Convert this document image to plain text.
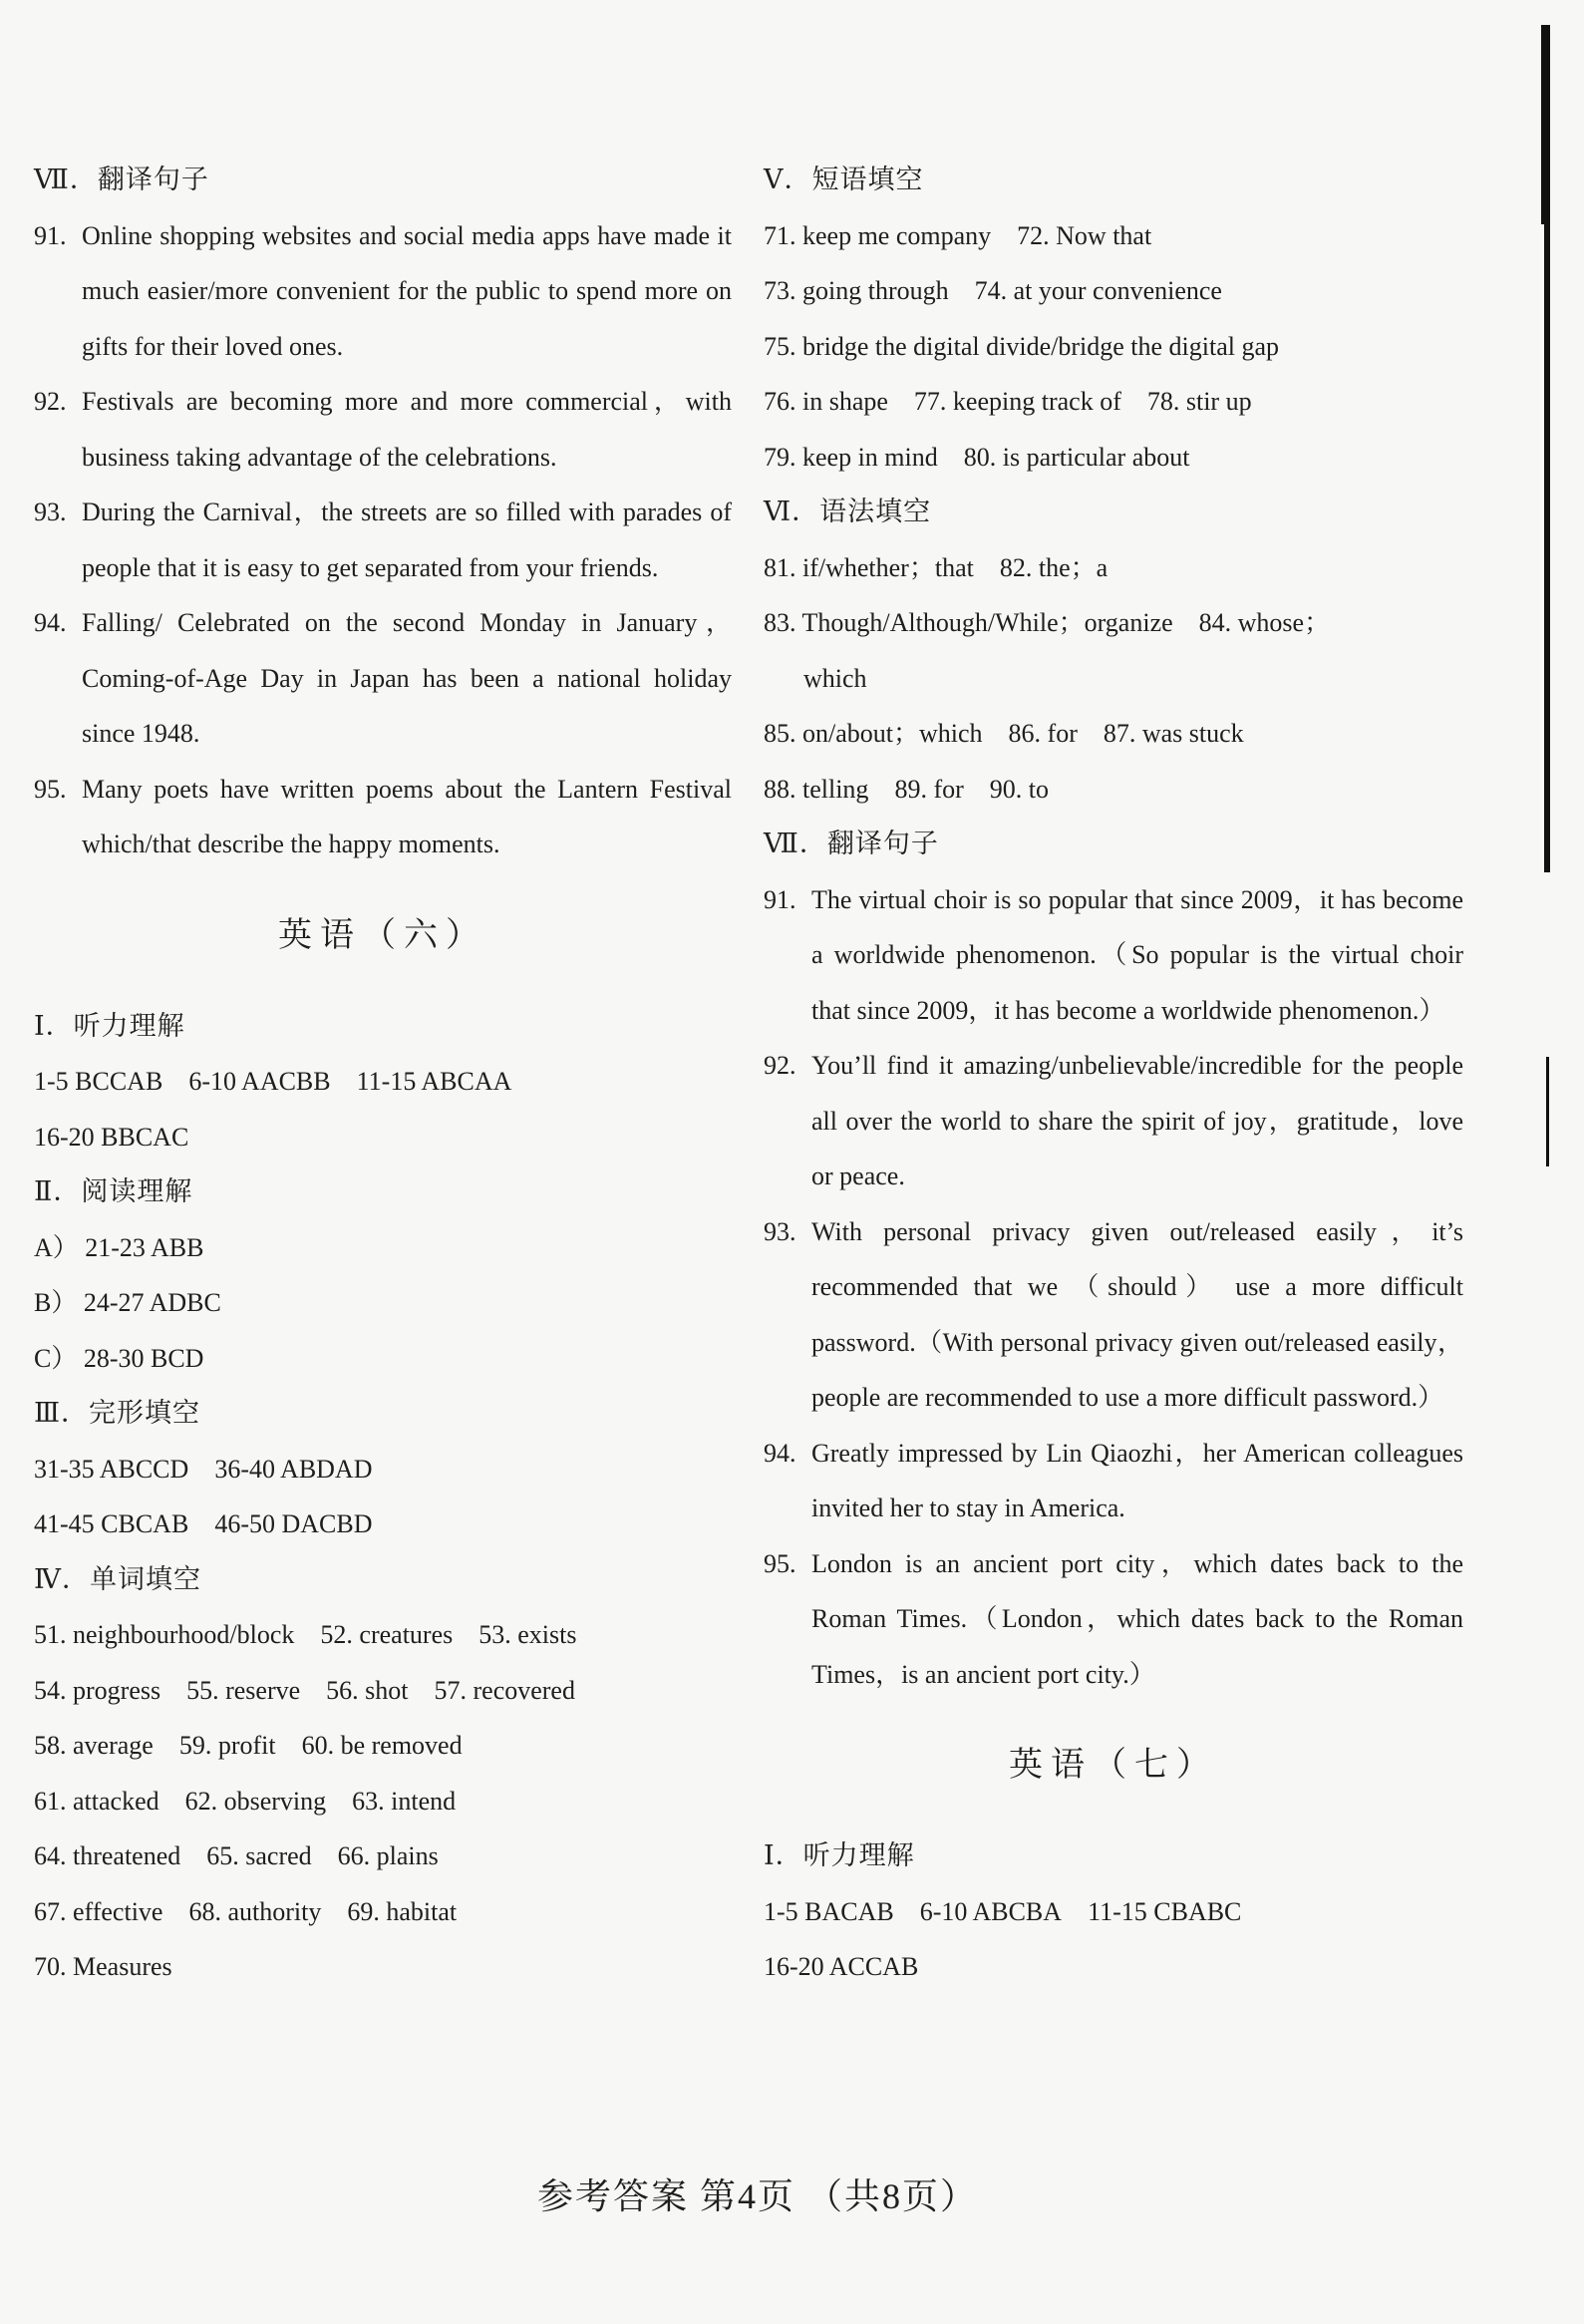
Ⅶ．翻译句子
91. Online shopping websites and social media apps have made it much easier/more convenient for the public to spend more on gifts for their loved ones.
92. Festivals are becoming more and more commercial，with business taking advantage of the celebrations.
93. During the Carnival，the streets are so filled with parades of people that it is easy to get separated from your friends.
94. Falling/ Celebrated on the second Monday in January，Coming-of-Age Day in Japan has been a national holiday since 1948.
95. Many poets have written poems about the Lantern Festival which/that describe the happy moments.
英语（六）
Ⅰ．听力理解
1-5 BCCAB 6-10 AACBB 11-15 ABCAA
16-20 BBCAC
Ⅱ．阅读理解
A） 21-23 ABB
B） 24-27 ADBC
C） 28-30 BCD
Ⅲ．完形填空
31-35 ABCCD 36-40 ABDAD
41-45 CBCAB 46-50 DACBD
Ⅳ．单词填空
51. neighbourhood/block 52. creatures 53. exists
54. progress 55. reserve 56. shot 57. recovered
58. average 59. profit 60. be removed
61. attacked 62. observing 63. intend
64. threatened 65. sacred 66. plains
67. effective 68. authority 69. habitat
70. Measures
Ⅴ．短语填空
71. keep me company 72. Now that
73. going through 74. at your convenience
75. bridge the digital divide/bridge the digital gap
76. in shape 77. keeping track of 78. stir up
79. keep in mind 80. is particular about
Ⅵ．语法填空
81. if/whether；that 82. the；a
83. Though/Although/While；organize 84. whose；
which
85. on/about；which 86. for 87. was stuck
88. telling 89. for 90. to
Ⅶ．翻译句子
91. The virtual choir is so popular that since 2009，it has become a worldwide phenomenon.（So popular is the virtual choir that since 2009，it has become a worldwide phenomenon.）
92. You’ll find it amazing/unbelievable/incredible for the people all over the world to share the spirit of joy，gratitude，love or peace.
93. With personal privacy given out/released easily，it’s recommended that we （should） use a more difficult password.（With personal privacy given out/released easily，people are recommended to use a more difficult password.）
94. Greatly impressed by Lin Qiaozhi，her American colleagues invited her to stay in America.
95. London is an ancient port city，which dates back to the Roman Times.（London，which dates back to the Roman Times，is an ancient port city.）
英语（七）
Ⅰ．听力理解
1-5 BACAB 6-10 ABCBA 11-15 CBABC
16-20 ACCAB
参考答案 第4页 （共8页）
